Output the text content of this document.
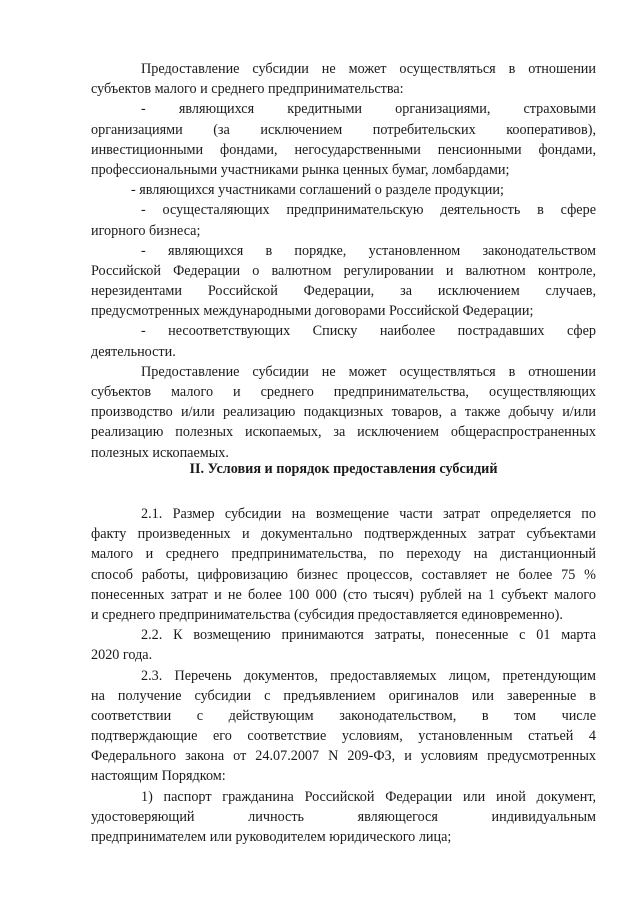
Предоставление субсидии не может осуществляться в отношении
субъектов малого и среднего предпринимательства:
- являющихся кредитными организациями, страховыми
организациями (за исключением потребительских кооперативов),
инвестиционными фондами, негосударственными пенсионными фондами,
профессиональными участниками рынка ценных бумаг, ломбардами;
- являющихся участниками соглашений о разделе продукции;
- осущесталяющих предпринимательскую деятельность в сфере
игорного бизнеса;
- являющихся в порядке, установленном законодательством
Российской Федерации о валютном регулировании и валютном контроле,
нерезидентами Российской Федерации, за исключением случаев,
предусмотренных международными договорами Российской Федерации;
- несоответствующих Списку наиболее пострадавших сфер
деятельности.
Предоставление субсидии не может осуществляться в отношении
субъектов малого и среднего предпринимательства, осуществляющих
производство и/или реализацию подакцизных товаров, а также добычу и/или
реализацию полезных ископаемых, за исключением общераспространенных
полезных ископаемых.
II. Условия и порядок предоставления субсидий
2.1. Размер субсидии на возмещение части затрат определяется по
факту произведенных и документально подтвержденных затрат субъектами
малого и среднего предпринимательства, по переходу на дистанционный
способ работы, цифровизацию бизнес процессов, составляет не более 75 %
понесенных затрат и не более 100 000 (сто тысяч) рублей на 1 субъект малого
и среднего предпринимательства (субсидия предоставляется единовременно).
2.2. К возмещению принимаются затраты, понесенные с 01 марта
2020 года.
2.3. Перечень документов, предоставляемых лицом, претендующим
на получение субсидии с предъявлением оригиналов или заверенные в
соответствии с действующим законодательством, в том числе
подтверждающие его соответствие условиям, установленным статьей 4
Федерального закона от 24.07.2007 N 209-ФЗ, и условиям предусмотренных
настоящим Порядком:
1) паспорт гражданина Российской Федерации или иной документ,
удостоверяющий личность являющегося индивидуальным
предпринимателем или руководителем юридического лица;
